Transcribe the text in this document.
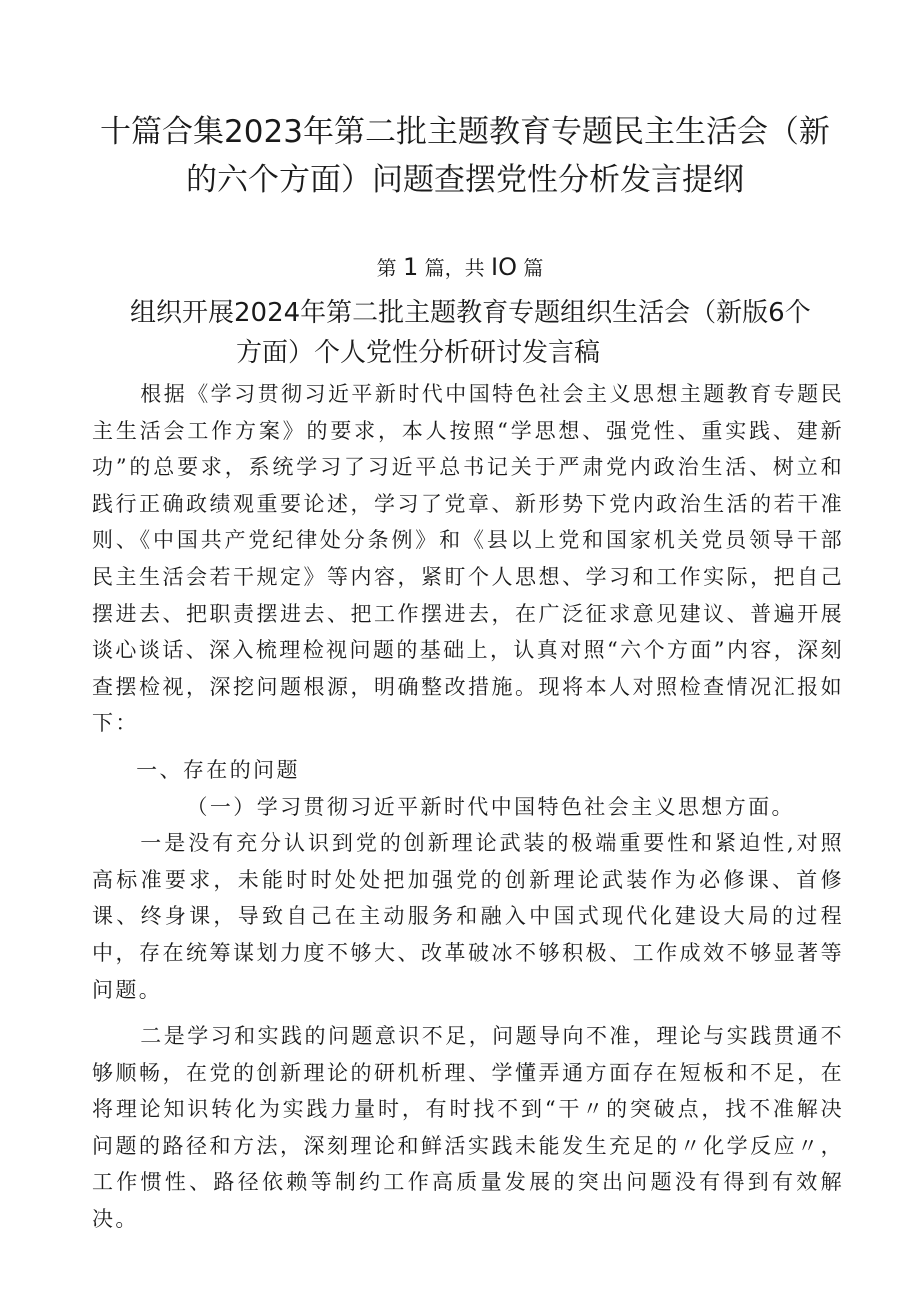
十篇合集2023年第二批主题教育专题民主生活会（新的六个方面）问题查摆党性分析发言提纲
第 1 篇，共 IO 篇
组织开展2024年第二批主题教育专题组织生活会（新版6个
方面）个人党性分析研讨发言稿

根据《学习贯彻习近平新时代中国特色社会主义思想主题教育专题民主生活会工作方案》的要求，本人按照“学思想、强党性、重实践、建新功”的总要求，系统学习了习近平总书记关于严肃党内政治生活、树立和践行正确政绩观重要论述，学习了党章、新形势下党内政治生活的若干准则、《中国共产党纪律处分条例》和《县以上党和国家机关党员领导干部民主生活会若干规定》等内容，紧盯个人思想、学习和工作实际，把自己摆进去、把职责摆进去、把工作摆进去，在广泛征求意见建议、普遍开展谈心谈话、深入梳理检视问题的基础上，认真对照“六个方面”内容，深刻查摆检视，深挖问题根源，明确整改措施。现将本人对照检查情况汇报如下：

一、存在的问题

（一）学习贯彻习近平新时代中国特色社会主义思想方面。

一是没有充分认识到党的创新理论武装的极端重要性和紧迫性,对照高标准要求，未能时时处处把加强党的创新理论武装作为必修课、首修课、终身课，导致自己在主动服务和融入中国式现代化建设大局的过程中，存在统筹谋划力度不够大、改革破冰不够积极、工作成效不够显著等问题。

二是学习和实践的问题意识不足，问题导向不准，理论与实践贯通不够顺畅，在党的创新理论的研机析理、学懂弄通方面存在短板和不足，在将理论知识转化为实践力量时，有时找不到“干〃的突破点，找不准解决问题的路径和方法，深刻理论和鲜活实践未能发生充足的〃化学反应〃，工作惯性、路径依赖等制约工作高质量发展的突出问题没有得到有效解决。
